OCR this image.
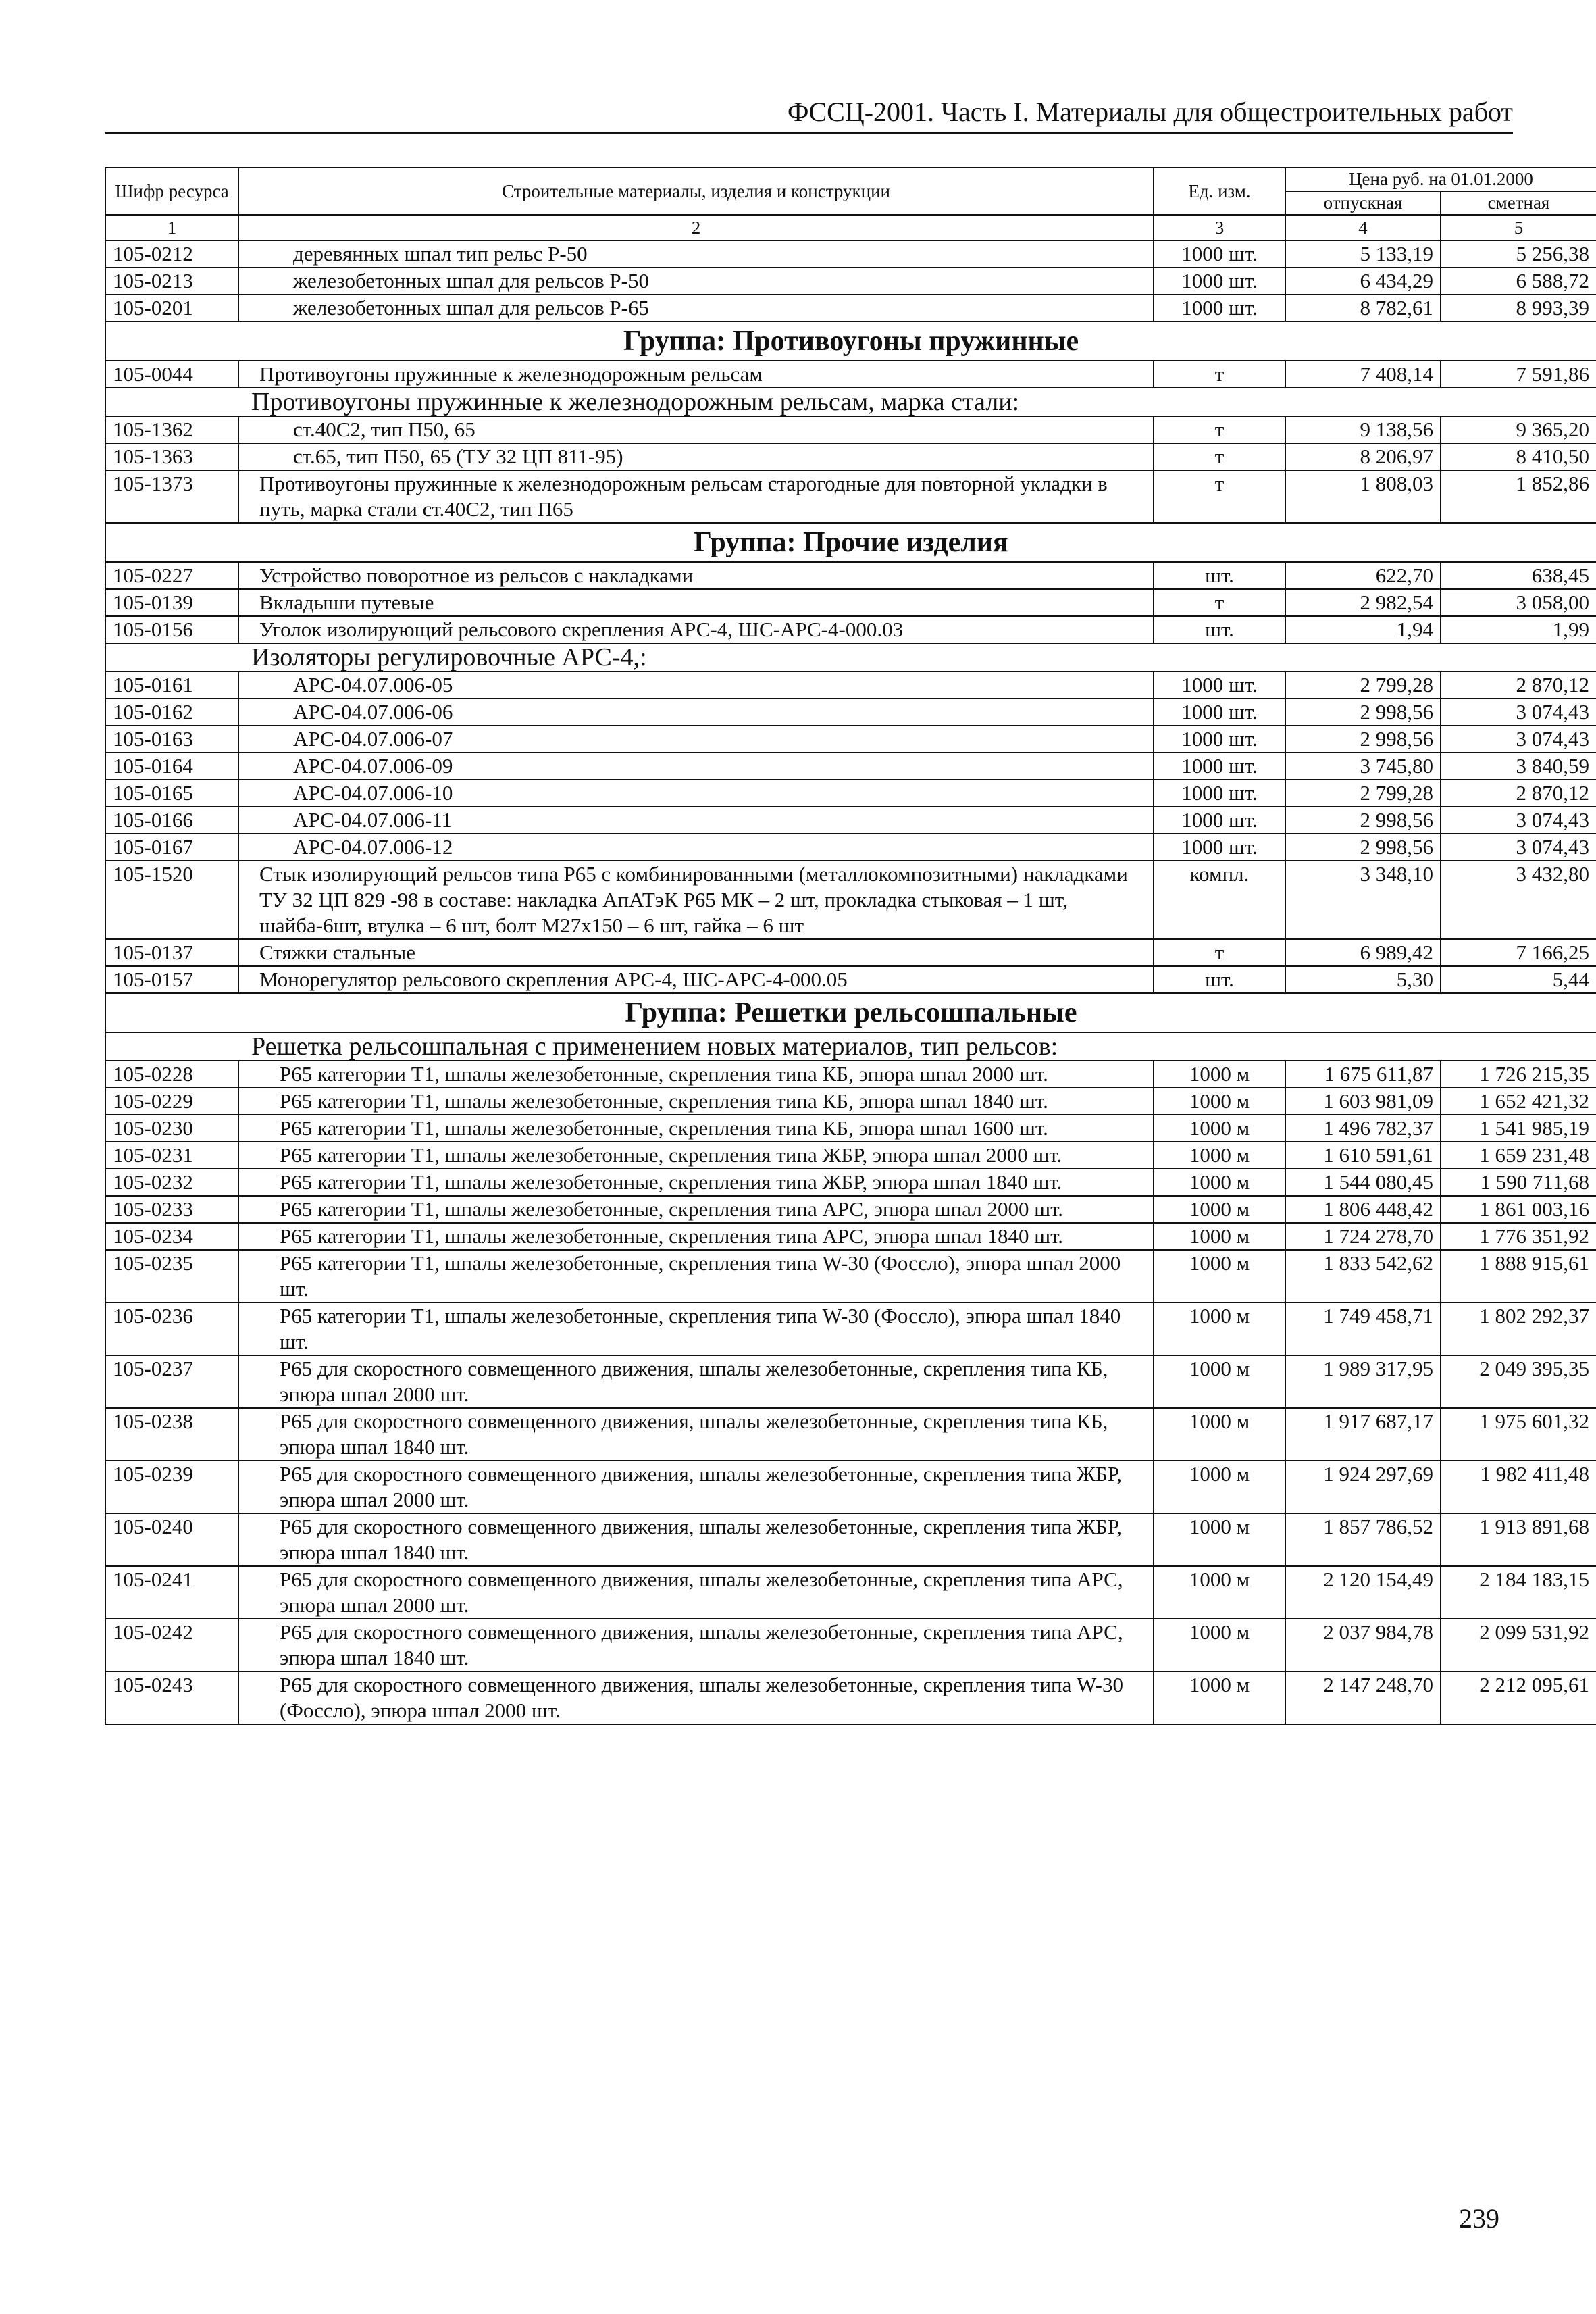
ФССЦ-2001. Часть I. Материалы для общестроительных работ
Шифр ресурса	Строительные материалы, изделия и конструкции	Ед. изм.	Цена руб. на 01.01.2000	
			отпускная	сметная
1	2	3	4	5
105-0212	деревянных шпал тип рельс Р-50	1000 шт.	5 133,19	5 256,38
105-0213	железобетонных шпал для рельсов Р-50	1000 шт.	6 434,29	6 588,72
105-0201	железобетонных шпал для рельсов Р-65	1000 шт.	8 782,61	8 993,39
Группа: Противоугоны пружинные				
105-0044	Противоугоны пружинные к железнодорожным рельсам	т	7 408,14	7 591,86
Противоугоны пружинные к железнодорожным рельсам, марка стали:				
105-1362	ст.40С2, тип П50, 65	т	9 138,56	9 365,20
105-1363	ст.65, тип П50, 65 (ТУ 32 ЦП 811-95)	т	8 206,97	8 410,50
105-1373	Противоугоны пружинные к железнодорожным рельсам старогодные для повторной укладки в путь, марка стали ст.40С2, тип П65	т	1 808,03	1 852,86
Группа: Прочие изделия				
105-0227	Устройство поворотное из рельсов с накладками	шт.	622,70	638,45
105-0139	Вкладыши путевые	т	2 982,54	3 058,00
105-0156	Уголок изолирующий рельсового скрепления АРС-4, ШС-АРС-4-000.03	шт.	1,94	1,99
Изоляторы регулировочные АРС-4,:				
105-0161	АРС-04.07.006-05	1000 шт.	2 799,28	2 870,12
105-0162	АРС-04.07.006-06	1000 шт.	2 998,56	3 074,43
105-0163	АРС-04.07.006-07	1000 шт.	2 998,56	3 074,43
105-0164	АРС-04.07.006-09	1000 шт.	3 745,80	3 840,59
105-0165	АРС-04.07.006-10	1000 шт.	2 799,28	2 870,12
105-0166	АРС-04.07.006-11	1000 шт.	2 998,56	3 074,43
105-0167	АРС-04.07.006-12	1000 шт.	2 998,56	3 074,43
105-1520	Стык изолирующий рельсов типа Р65 с комбинированными (металлокомпозитными) накладками ТУ 32 ЦП 829 -98 в составе: накладка АпАТэК Р65 МК – 2 шт, прокладка стыковая – 1 шт, шайба-6шт, втулка – 6 шт, болт М27х150 – 6 шт, гайка – 6 шт	компл.	3 348,10	3 432,80
105-0137	Стяжки стальные	т	6 989,42	7 166,25
105-0157	Монорегулятор рельсового скрепления АРС-4, ШС-АРС-4-000.05	шт.	5,30	5,44
Группа: Решетки рельсошпальные				
Решетка рельсошпальная с применением новых материалов, тип рельсов:				
105-0228	Р65 категории Т1, шпалы железобетонные, скрепления типа КБ, эпюра шпал 2000 шт.	1000 м	1 675 611,87	1 726 215,35
105-0229	Р65 категории Т1, шпалы железобетонные, скрепления типа КБ, эпюра шпал 1840 шт.	1000 м	1 603 981,09	1 652 421,32
105-0230	Р65 категории Т1, шпалы железобетонные, скрепления типа КБ, эпюра шпал 1600 шт.	1000 м	1 496 782,37	1 541 985,19
105-0231	Р65 категории Т1, шпалы железобетонные, скрепления типа ЖБР, эпюра шпал 2000 шт.	1000 м	1 610 591,61	1 659 231,48
105-0232	Р65 категории Т1, шпалы железобетонные, скрепления типа ЖБР, эпюра шпал 1840 шт.	1000 м	1 544 080,45	1 590 711,68
105-0233	Р65 категории Т1, шпалы железобетонные, скрепления типа АРС, эпюра шпал 2000 шт.	1000 м	1 806 448,42	1 861 003,16
105-0234	Р65 категории Т1, шпалы железобетонные, скрепления типа АРС, эпюра шпал 1840 шт.	1000 м	1 724 278,70	1 776 351,92
105-0235	Р65 категории Т1, шпалы железобетонные, скрепления типа W-30 (Фоссло), эпюра шпал 2000 шт.	1000 м	1 833 542,62	1 888 915,61
105-0236	Р65 категории Т1, шпалы железобетонные, скрепления типа W-30 (Фоссло), эпюра шпал 1840 шт.	1000 м	1 749 458,71	1 802 292,37
105-0237	Р65 для скоростного совмещенного движения, шпалы железобетонные, скрепления типа КБ, эпюра шпал 2000 шт.	1000 м	1 989 317,95	2 049 395,35
105-0238	Р65 для скоростного совмещенного движения, шпалы железобетонные, скрепления типа КБ, эпюра шпал 1840 шт.	1000 м	1 917 687,17	1 975 601,32
105-0239	Р65 для скоростного совмещенного движения, шпалы железобетонные, скрепления типа ЖБР, эпюра шпал 2000 шт.	1000 м	1 924 297,69	1 982 411,48
105-0240	Р65 для скоростного совмещенного движения, шпалы железобетонные, скрепления типа ЖБР, эпюра шпал 1840 шт.	1000 м	1 857 786,52	1 913 891,68
105-0241	Р65 для скоростного совмещенного движения, шпалы железобетонные, скрепления типа АРС, эпюра шпал 2000 шт.	1000 м	2 120 154,49	2 184 183,15
105-0242	Р65 для скоростного совмещенного движения, шпалы железобетонные, скрепления типа АРС, эпюра шпал 1840 шт.	1000 м	2 037 984,78	2 099 531,92
105-0243	Р65 для скоростного совмещенного движения, шпалы железобетонные, скрепления типа W-30 (Фоссло), эпюра шпал 2000 шт.	1000 м	2 147 248,70	2 212 095,61
239
